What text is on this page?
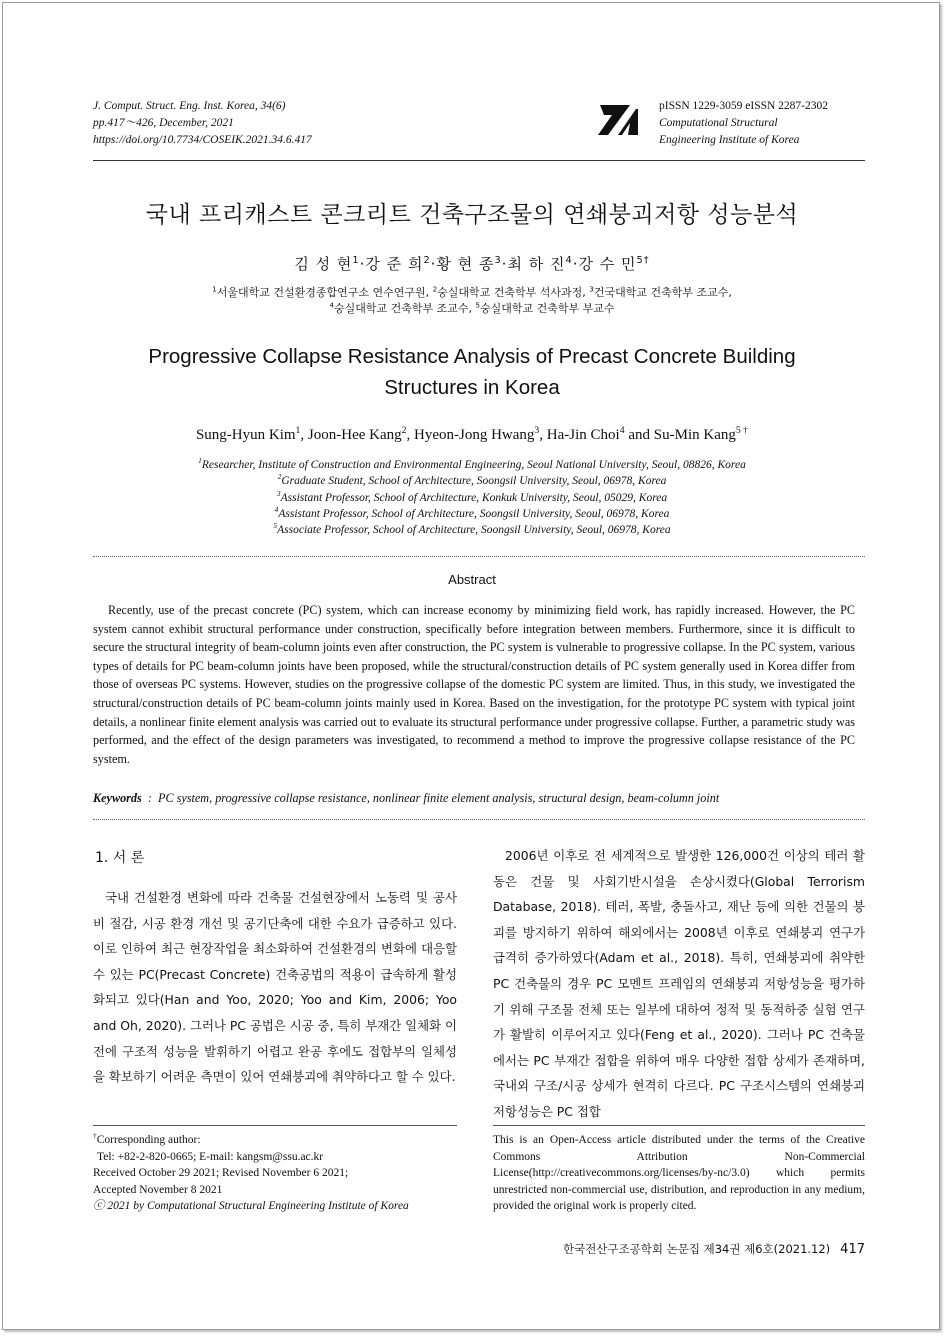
J. Comput. Struct. Eng. Inst. Korea, 34(6)
pp.417～426, December, 2021
https://doi.org/10.7734/COSEIK.2021.34.6.417
pISSN 1229-3059 eISSN 2287-2302
Computational Structural
Engineering Institute of Korea
국내 프리캐스트 콘크리트 건축구조물의 연쇄붕괴저항 성능분석
김 성 현$^1$·강 준 희$^2$·황 현 종$^3$·최 하 진$^4$·강 수 민$^{5\dagger}$
$^1$서울대학교 건설환경종합연구소 연수연구원, $^2$숭실대학교 건축학부 석사과정, $^3$건국대학교 건축학부 조교수,
$^4$숭실대학교 건축학부 조교수, $^5$숭실대학교 건축학부 부교수
Progressive Collapse Resistance Analysis of Precast Concrete Building
Structures in Korea
Sung-Hyun Kim$^1$, Joon-Hee Kang$^2$, Hyeon-Jong Hwang$^3$, Ha-Jin Choi$^4$ and Su-Min Kang$^{5 \dagger}$
$^1$Researcher, Institute of Construction and Environmental Engineering, Seoul National University, Seoul, 08826, Korea
$^2$Graduate Student, School of Architecture, Soongsil University, Seoul, 06978, Korea
$^3$Assistant Professor, School of Architecture, Konkuk University, Seoul, 05029, Korea
$^4$Assistant Professor, School of Architecture, Soongsil University, Seoul, 06978, Korea
$^5$Associate Professor, School of Architecture, Soongsil University, Seoul, 06978, Korea
Abstract
Recently, use of the precast concrete (PC) system, which can increase economy by minimizing field work, has rapidly increased. However, the PC system cannot exhibit structural performance under construction, specifically before integration between members. Furthermore, since it is difficult to secure the structural integrity of beam-column joints even after construction, the PC system is vulnerable to progressive collapse. In the PC system, various types of details for PC beam-column joints have been proposed, while the structural/construction details of PC system generally used in Korea differ from those of overseas PC systems. However, studies on the progressive collapse of the domestic PC system are limited. Thus, in this study, we investigated the structural/construction details of PC beam-column joints mainly used in Korea. Based on the investigation, for the prototype PC system with typical joint details, a nonlinear finite element analysis was carried out to evaluate its structural performance under progressive collapse. Further, a parametric study was performed, and the effect of the design parameters was investigated, to recommend a method to improve the progressive collapse resistance of the PC system.
Keywords  :  PC system, progressive collapse resistance, nonlinear finite element analysis, structural design, beam-column joint
1. 서 론
국내 건설환경 변화에 따라 건축물 건설현장에서 노동력 및 공사비 절감, 시공 환경 개선 및 공기단축에 대한 수요가 급증하고 있다. 이로 인하여 최근 현장작업을 최소화하여 건설환경의 변화에 대응할 수 있는 PC(Precast Concrete) 건축공법의 적용이 급속하게 활성화되고 있다(Han and Yoo, 2020; Yoo and Kim, 2006; Yoo and Oh, 2020). 그러나 PC 공법은 시공 중, 특히 부재간 일체화 이전에 구조적 성능을 발휘하기 어렵고 완공 후에도 접합부의 일체성을 확보하기 어려운 측면이 있어 연쇄붕괴에 취약하다고 할 수 있다.
2006년 이후로 전 세계적으로 발생한 126,000건 이상의 테러 활동은 건물 및 사회기반시설을 손상시켰다(Global Terrorism Database, 2018). 테러, 폭발, 충돌사고, 재난 등에 의한 건물의 붕괴를 방지하기 위하여 해외에서는 2008년 이후로 연쇄붕괴 연구가 급격히 증가하였다(Adam et al., 2018). 특히, 연쇄붕괴에 취약한 PC 건축물의 경우 PC 모멘트 프레임의 연쇄붕괴 저항성능을 평가하기 위해 구조물 전체 또는 일부에 대하여 정적 및 동적하중 실험 연구가 활발히 이루어지고 있다(Feng et al., 2020). 그러나 PC 건축물에서는 PC 부재간 접합을 위하여 매우 다양한 접합 상세가 존재하며, 국내외 구조/시공 상세가 현격히 다르다. PC 구조시스템의 연쇄붕괴 저항성능은 PC 접합
†Corresponding author:
Tel: +82-2-820-0665; E-mail: kangsm@ssu.ac.kr
Received October 29 2021; Revised November 6 2021;
Accepted November 8 2021
ⓒ 2021 by Computational Structural Engineering Institute of Korea
This is an Open-Access article distributed under the terms of the Creative Commons Attribution Non-Commercial License(http://creativecommons.org/licenses/by-nc/3.0) which permits unrestricted non-commercial use, distribution, and reproduction in any medium, provided the original work is properly cited.
한국전산구조공학회 논문집 제34권 제6호(2021.12) 417
